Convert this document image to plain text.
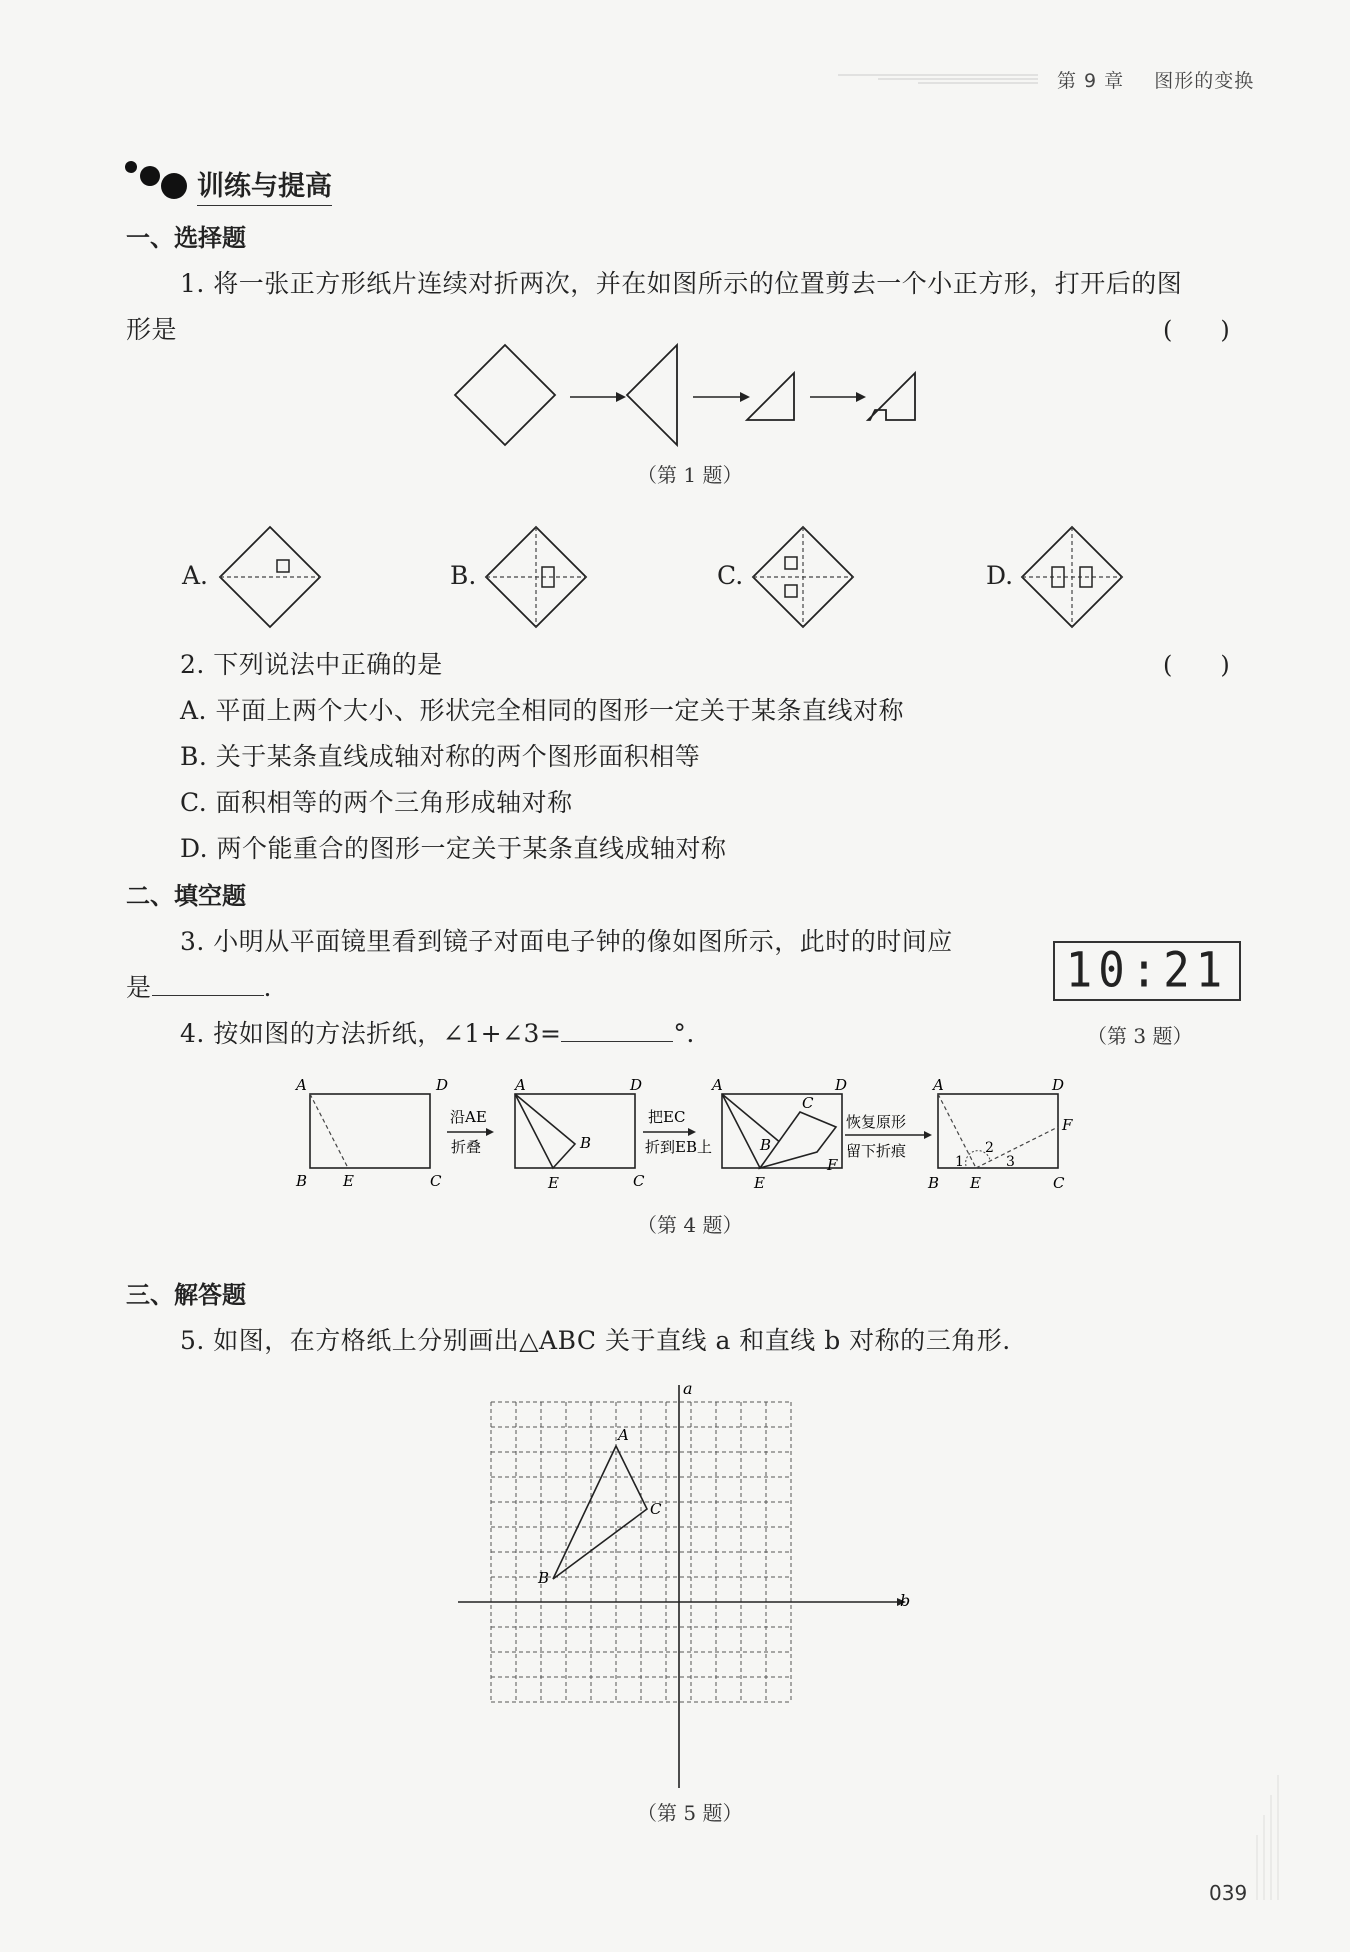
第 9 章 图形的变换
训练与提高
一、选择题
1. 将一张正方形纸片连续对折两次，并在如图所示的位置剪去一个小正方形，打开后的图
形是	(　　)
（第 1 题）
A.	B.	C.	D.
2. 下列说法中正确的是	(　　)
A. 平面上两个大小、形状完全相同的图形一定关于某条直线对称
B. 关于某条直线成轴对称的两个图形面积相等
C. 面积相等的两个三角形成轴对称
D. 两个能重合的图形一定关于某条直线成轴对称
二、填空题
3. 小明从平面镜里看到镜子对面电子钟的像如图所示，此时的时间应
是	.	10:21
（第 3 题）
4. 按如图的方法折纸，∠1+∠3=	°.
A	D
B E	C
沿AE
折叠
A	D
B
E	C
把EC
折到EB上
A	D
C
B
F
E
恢复原形
留下折痕
A	D
F
B E	C
1
2
3
（第 4 题）
三、解答题
5. 如图，在方格纸上分别画出△ABC 关于直线 a 和直线 b 对称的三角形.
a
b
A
B
C
（第 5 题）
039
